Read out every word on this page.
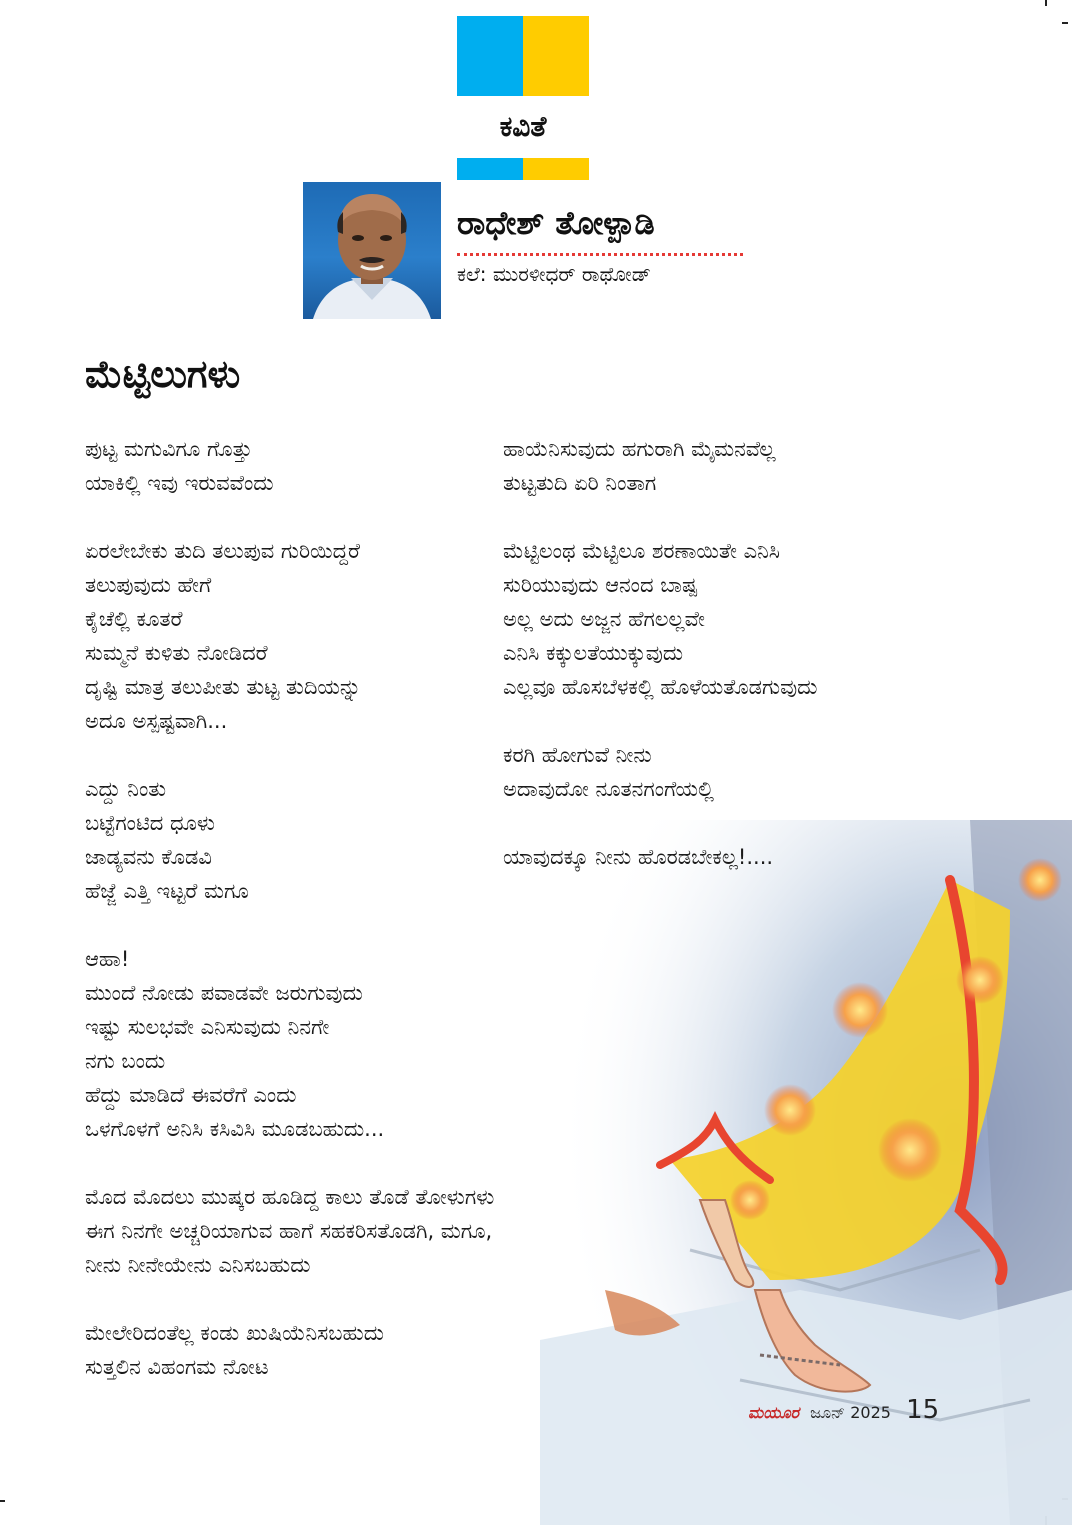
ಕವಿತೆ
ರಾಧೇಶ್ ತೋಳ್ಪಾಡಿ
ಕಲೆ: ಮುರಳೀಧರ್ ರಾಥೋಡ್
ಮೆಟ್ಟಿಲುಗಳು
ಪುಟ್ಟ ಮಗುವಿಗೂ ಗೊತ್ತು
ಯಾಕಿಲ್ಲಿ ಇವು ಇರುವವೆಂದು
ಏರಲೇಬೇಕು ತುದಿ ತಲುಪುವ ಗುರಿಯಿದ್ದರೆ
ತಲುಪುವುದು ಹೇಗೆ
ಕೈಚೆಲ್ಲಿ ಕೂತರೆ
ಸುಮ್ಮನೆ ಕುಳಿತು ನೋಡಿದರೆ
ದೃಷ್ಟಿ ಮಾತ್ರ ತಲುಪೀತು ತುಟ್ಟ ತುದಿಯನ್ನು
ಅದೂ ಅಸ್ಪಷ್ಟವಾಗಿ...
ಎದ್ದು ನಿಂತು
ಬಟ್ಟೆಗಂಟಿದ ಧೂಳು
ಜಾಡ್ಯವನು ಕೊಡವಿ
ಹೆಜ್ಜೆ ಎತ್ತಿ ಇಟ್ಟರೆ ಮಗೂ
ಆಹಾ!
ಮುಂದೆ ನೋಡು ಪವಾಡವೇ ಜರುಗುವುದು
ಇಷ್ಟು ಸುಲಭವೇ ಎನಿಸುವುದು ನಿನಗೇ
ನಗು ಬಂದು
ಹೆದ್ದು ಮಾಡಿದೆ ಈವರೆಗೆ ಎಂದು
ಒಳಗೊಳಗೆ ಅನಿಸಿ ಕಸಿವಿಸಿ ಮೂಡಬಹುದು...
ಮೊದ ಮೊದಲು ಮುಷ್ಕರ ಹೂಡಿದ್ದ ಕಾಲು ತೊಡೆ ತೋಳುಗಳು
ಈಗ ನಿನಗೇ ಅಚ್ಚರಿಯಾಗುವ ಹಾಗೆ ಸಹಕರಿಸತೊಡಗಿ, ಮಗೂ,
ನೀನು ನೀನೇಯೇನು ಎನಿಸಬಹುದು
ಮೇಲೇರಿದಂತೆಲ್ಲ ಕಂಡು ಖುಷಿಯೆನಿಸಬಹುದು
ಸುತ್ತಲಿನ ವಿಹಂಗಮ ನೋಟ
ಹಾಯೆನಿಸುವುದು ಹಗುರಾಗಿ ಮೈಮನವೆಲ್ಲ
ತುಟ್ಟತುದಿ ಏರಿ ನಿಂತಾಗ
ಮೆಟ್ಟಿಲಂಥ ಮೆಟ್ಟಿಲೂ ಶರಣಾಯಿತೇ ಎನಿಸಿ
ಸುರಿಯುವುದು ಆನಂದ ಬಾಷ್ಪ
ಅಲ್ಲ ಅದು ಅಜ್ಜನ ಹೆಗಲಲ್ಲವೇ
ಎನಿಸಿ ಕಕ್ಕುಲತೆಯುಕ್ಕುವುದು
ಎಲ್ಲವೂ ಹೊಸಬೆಳಕಲ್ಲಿ ಹೊಳೆಯತೊಡಗುವುದು
ಕರಗಿ ಹೋಗುವೆ ನೀನು
ಅದಾವುದೋ ನೂತನಗಂಗೆಯಲ್ಲಿ
ಯಾವುದಕ್ಕೂ ನೀನು ಹೊರಡಬೇಕಲ್ಲ!....
ಮಯೂರ ಜೂನ್ 2025 15
